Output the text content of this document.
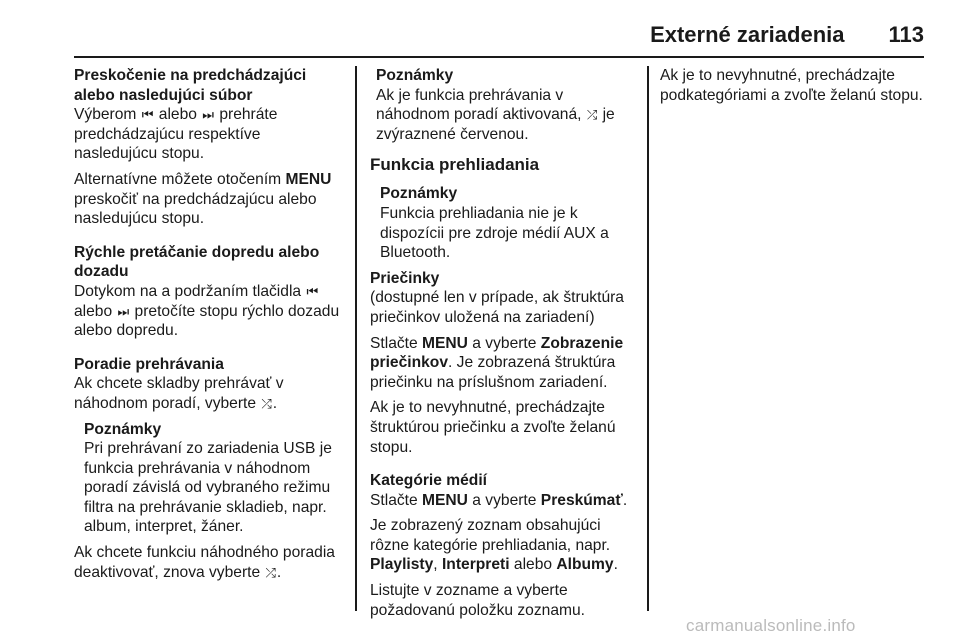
Externé zariadenia 113

Preskočenie na predchádzajúci alebo nasledujúci súbor

Výberom ⏮ alebo ⏭ prehráte predchádzajúcu respektíve nasledujúcu stopu.

Alternatívne môžete otočením MENU preskočiť na predchádzajúcu alebo nasledujúcu stopu.

Rýchle pretáčanie dopredu alebo dozadu

Dotykom na a podržaním tlačidla ⏮ alebo ⏭ pretočíte stopu rýchlo dozadu alebo dopredu.

Poradie prehrávania

Ak chcete skladby prehrávať v náhodnom poradí, vyberte ⤮.

Poznámky
Pri prehrávaní zo zariadenia USB je funkcia prehrávania v náhodnom poradí závislá od vybraného režimu filtra na prehrávanie skladieb, napr. album, interpret, žáner.

Ak chcete funkciu náhodného poradia deaktivovať, znova vyberte ⤮.

Poznámky
Ak je funkcia prehrávania v náhodnom poradí aktivovaná, ⤮ je zvýraznené červenou.

Funkcia prehliadania

Poznámky
Funkcia prehliadania nie je k dispozícii pre zdroje médií AUX a Bluetooth.

Priečinky

(dostupné len v prípade, ak štruktúra priečinkov uložená na zariadení)

Stlačte MENU a vyberte Zobrazenie priečinkov. Je zobrazená štruktúra priečinku na príslušnom zariadení.

Ak je to nevyhnutné, prechádzajte štruktúrou priečinku a zvoľte želanú stopu.

Kategórie médií

Stlačte MENU a vyberte Preskúmať.

Je zobrazený zoznam obsahujúci rôzne kategórie prehliadania, napr. Playlisty, Interpreti alebo Albumy.

Listujte v zozname a vyberte požadovanú položku zoznamu.

Ak je to nevyhnutné, prechádzajte podkategóriami a zvoľte želanú stopu.

carmanualsonline.info
